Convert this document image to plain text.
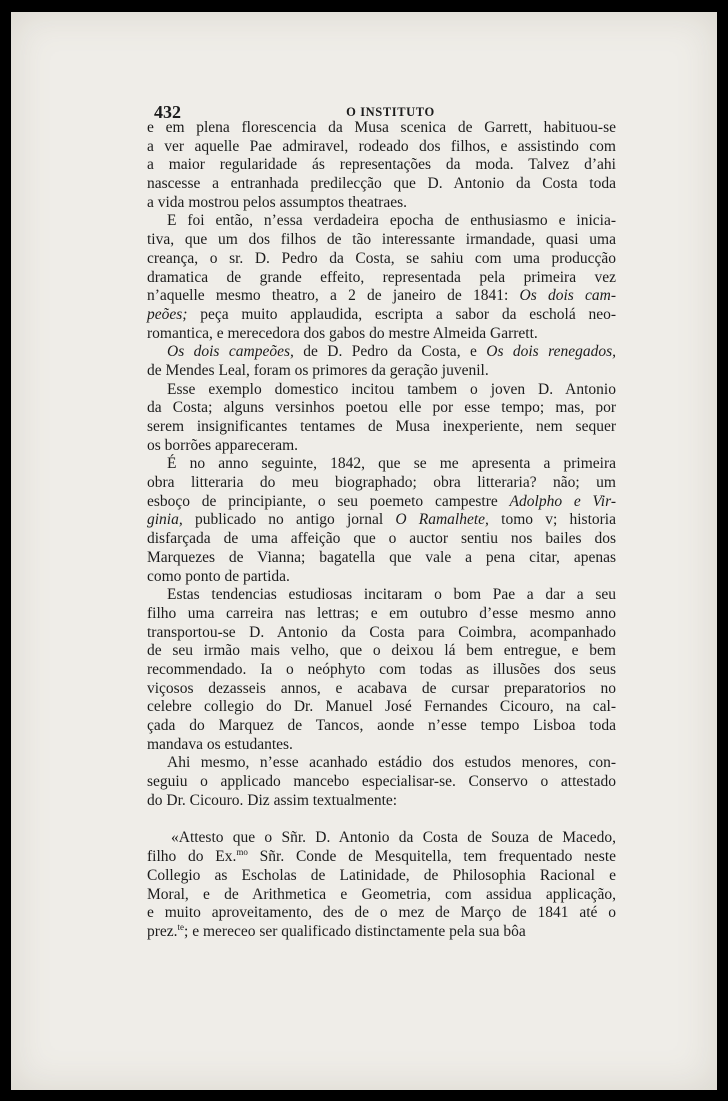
432	O INSTITUTO
e em plena florescencia da Musa scenica de Garrett, habituou-se
a ver aquelle Pae admiravel, rodeado dos filhos, e assistindo com
a maior regularidade ás representações da moda. Talvez d’ahi
nascesse a entranhada predilecção que D. Antonio da Costa toda
a vida mostrou pelos assumptos theatraes.
E foi então, n’essa verdadeira epocha de enthusiasmo e inicia-
tiva, que um dos filhos de tão interessante irmandade, quasi uma
creança, o sr. D. Pedro da Costa, se sahiu com uma producção
dramatica de grande effeito, representada pela primeira vez
n’aquelle mesmo theatro, a 2 de janeiro de 1841: Os dois cam-
peões; peça muito applaudida, escripta a sabor da escholá neo-
romantica, e merecedora dos gabos do mestre Almeida Garrett.
Os dois campeões, de D. Pedro da Costa, e Os dois renegados,
de Mendes Leal, foram os primores da geração juvenil.
Esse exemplo domestico incitou tambem o joven D. Antonio
da Costa; alguns versinhos poetou elle por esse tempo; mas, por
serem insignificantes tentames de Musa inexperiente, nem sequer
os borrões appareceram.
É no anno seguinte, 1842, que se me apresenta a primeira
obra litteraria do meu biographado; obra litteraria? não; um
esboço de principiante, o seu poemeto campestre Adolpho e Vir-
ginia, publicado no antigo jornal O Ramalhete, tomo v; historia
disfarçada de uma affeição que o auctor sentiu nos bailes dos
Marquezes de Vianna; bagatella que vale a pena citar, apenas
como ponto de partida.
Estas tendencias estudiosas incitaram o bom Pae a dar a seu
filho uma carreira nas lettras; e em outubro d’esse mesmo anno
transportou-se D. Antonio da Costa para Coimbra, acompanhado
de seu irmão mais velho, que o deixou lá bem entregue, e bem
recommendado. Ia o neóphyto com todas as illusões dos seus
viçosos dezasseis annos, e acabava de cursar preparatorios no
celebre collegio do Dr. Manuel José Fernandes Cicouro, na cal-
çada do Marquez de Tancos, aonde n’esse tempo Lisboa toda
mandava os estudantes.
Ahi mesmo, n’esse acanhado estádio dos estudos menores, con-
seguiu o applicado mancebo especialisar-se. Conservo o attestado
do Dr. Cicouro. Diz assim textualmente:
«Attesto que o Sñr. D. Antonio da Costa de Souza de Macedo,
filho do Ex.$^{mo}$ Sñr. Conde de Mesquitella, tem frequentado neste
Collegio as Escholas de Latinidade, de Philosophia Racional e
Moral, e de Arithmetica e Geometria, com assidua applicação,
e muito aproveitamento, des de o mez de Março de 1841 até o
prez.$^{te}$; e mereceo ser qualificado distinctamente pela sua bôa
